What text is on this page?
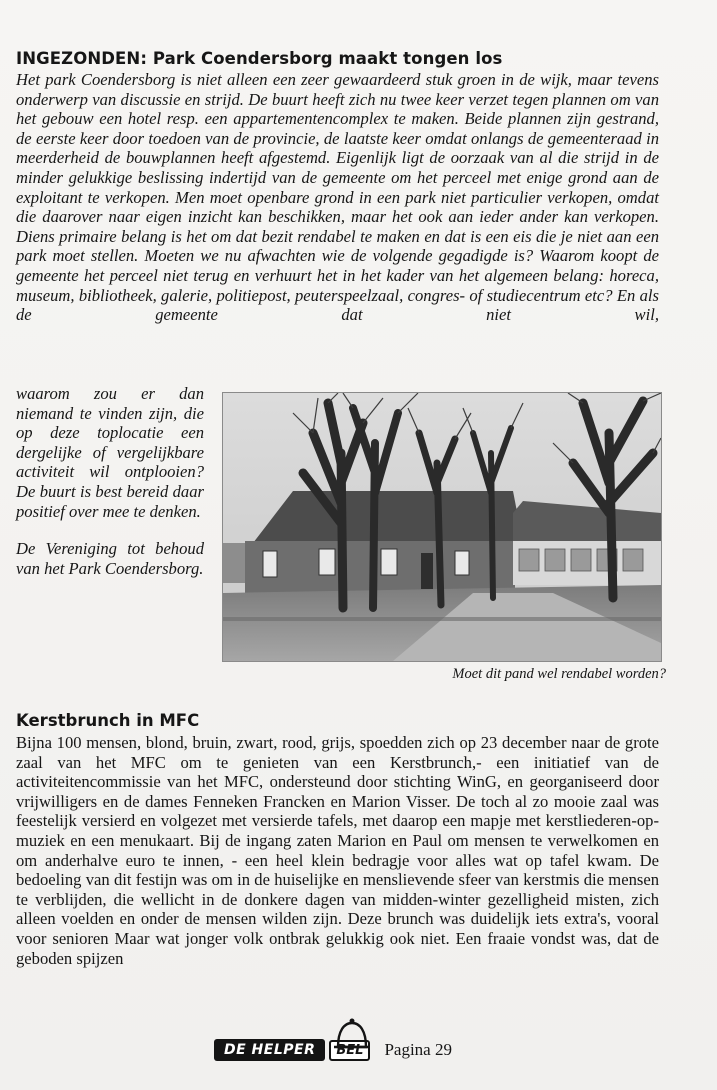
INGEZONDEN: Park Coendersborg maakt tongen los

Het park Coendersborg is niet alleen een zeer gewaardeerd stuk groen in de wijk, maar tevens onderwerp van discussie en strijd. De buurt heeft zich nu twee keer verzet tegen plannen om van het gebouw een hotel resp. een appartementencomplex te maken. Beide plannen zijn gestrand, de eerste keer door toedoen van de provincie, de laatste keer omdat onlangs de gemeenteraad in meerderheid de bouwplannen heeft afgestemd. Eigenlijk ligt de oorzaak van al die strijd in de minder gelukkige beslissing indertijd van de gemeente om het perceel met enige grond aan de exploitant te verkopen. Men moet openbare grond in een park niet particulier verkopen, omdat die daarover naar eigen inzicht kan beschikken, maar het ook aan ieder ander kan verkopen. Diens primaire belang is het om dat bezit rendabel te maken en dat is een eis die je niet aan een park moet stellen. Moeten we nu afwachten wie de volgende gegadigde is? Waarom koopt de gemeente het perceel niet terug en verhuurt het in het kader van het algemeen belang: horeca, museum, bibliotheek, galerie, politiepost, peuterspeelzaal, congres- of studiecentrum etc? En als de gemeente dat niet wil,

waarom zou er dan niemand te vinden zijn, die op deze toplocatie een dergelijke of vergelijkbare activiteit wil ontplooien? De buurt is best bereid daar positief over mee te denken.

De Vereniging tot behoud van het Park Coendersborg.

Moet dit pand wel rendabel worden?

Kerstbrunch in MFC

Bijna 100 mensen, blond, bruin, zwart, rood, grijs, spoedden zich op 23 december naar de grote zaal van het MFC om te genieten van een Kerstbrunch,- een initiatief van de activiteitencommissie van het MFC, ondersteund door stichting WinG, en georganiseerd door vrijwilligers en de dames Fenneken Francken en Marion Visser. De toch al zo mooie zaal was feestelijk versierd en volgezet met versierde tafels, met daarop een mapje met kerstliederen-op-muziek en een menukaart. Bij de ingang zaten Marion en Paul om mensen te verwelkomen en om anderhalve euro te innen, - een heel klein bedragje voor alles wat op tafel kwam. De bedoeling van dit festijn was om in de huiselijke en menslievende sfeer van kerstmis die mensen te verblijden, die wellicht in de donkere dagen van midden-winter gezelligheid misten, zich alleen voelden en onder de mensen wilden zijn. Deze brunch was duidelijk iets extra's, vooral voor senioren Maar wat jonger volk ontbrak gelukkig ook niet. Een fraaie vondst was, dat de geboden spijzen

DE HELPER	BEL	Pagina 29
